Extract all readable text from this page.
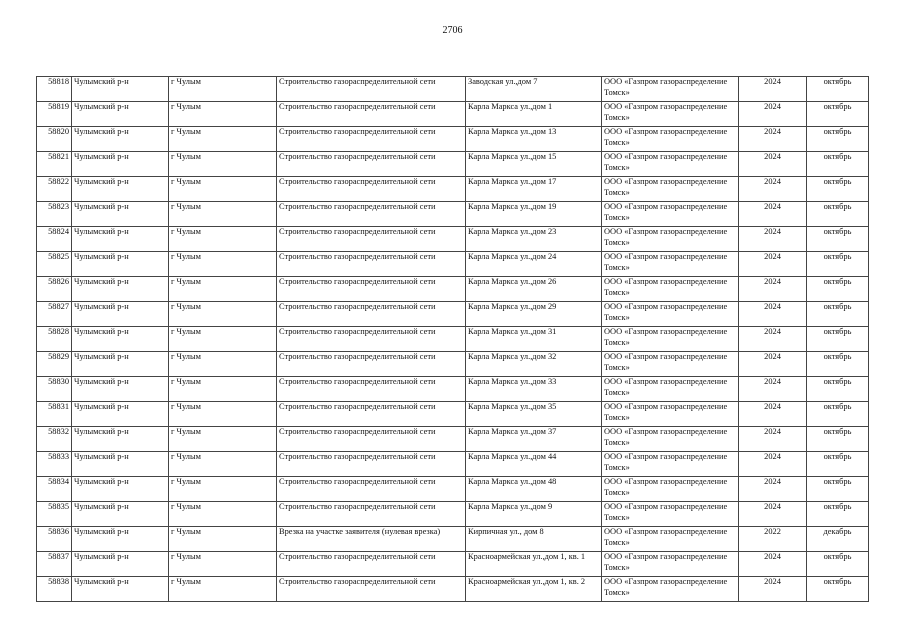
2706
58818	Чулымский р-н	г Чулым	Строительство газораспределительной сети	Заводская ул.,дом 7	ООО «Газпром газораспределение Томск»	2024	октябрь
58819	Чулымский р-н	г Чулым	Строительство газораспределительной сети	Карла Маркса ул.,дом 1	ООО «Газпром газораспределение Томск»	2024	октябрь
58820	Чулымский р-н	г Чулым	Строительство газораспределительной сети	Карла Маркса ул.,дом 13	ООО «Газпром газораспределение Томск»	2024	октябрь
58821	Чулымский р-н	г Чулым	Строительство газораспределительной сети	Карла Маркса ул.,дом 15	ООО «Газпром газораспределение Томск»	2024	октябрь
58822	Чулымский р-н	г Чулым	Строительство газораспределительной сети	Карла Маркса ул.,дом 17	ООО «Газпром газораспределение Томск»	2024	октябрь
58823	Чулымский р-н	г Чулым	Строительство газораспределительной сети	Карла Маркса ул.,дом 19	ООО «Газпром газораспределение Томск»	2024	октябрь
58824	Чулымский р-н	г Чулым	Строительство газораспределительной сети	Карла Маркса ул.,дом 23	ООО «Газпром газораспределение Томск»	2024	октябрь
58825	Чулымский р-н	г Чулым	Строительство газораспределительной сети	Карла Маркса ул.,дом 24	ООО «Газпром газораспределение Томск»	2024	октябрь
58826	Чулымский р-н	г Чулым	Строительство газораспределительной сети	Карла Маркса ул.,дом 26	ООО «Газпром газораспределение Томск»	2024	октябрь
58827	Чулымский р-н	г Чулым	Строительство газораспределительной сети	Карла Маркса ул.,дом 29	ООО «Газпром газораспределение Томск»	2024	октябрь
58828	Чулымский р-н	г Чулым	Строительство газораспределительной сети	Карла Маркса ул.,дом 31	ООО «Газпром газораспределение Томск»	2024	октябрь
58829	Чулымский р-н	г Чулым	Строительство газораспределительной сети	Карла Маркса ул.,дом 32	ООО «Газпром газораспределение Томск»	2024	октябрь
58830	Чулымский р-н	г Чулым	Строительство газораспределительной сети	Карла Маркса ул.,дом 33	ООО «Газпром газораспределение Томск»	2024	октябрь
58831	Чулымский р-н	г Чулым	Строительство газораспределительной сети	Карла Маркса ул.,дом 35	ООО «Газпром газораспределение Томск»	2024	октябрь
58832	Чулымский р-н	г Чулым	Строительство газораспределительной сети	Карла Маркса ул.,дом 37	ООО «Газпром газораспределение Томск»	2024	октябрь
58833	Чулымский р-н	г Чулым	Строительство газораспределительной сети	Карла Маркса ул.,дом 44	ООО «Газпром газораспределение Томск»	2024	октябрь
58834	Чулымский р-н	г Чулым	Строительство газораспределительной сети	Карла Маркса ул.,дом 48	ООО «Газпром газораспределение Томск»	2024	октябрь
58835	Чулымский р-н	г Чулым	Строительство газораспределительной сети	Карла Маркса ул.,дом 9	ООО «Газпром газораспределение Томск»	2024	октябрь
58836	Чулымский р-н	г Чулым	Врезка на участке заявителя (нулевая врезка)	Кирпичная ул., дом 8	ООО «Газпром газораспределение Томск»	2022	декабрь
58837	Чулымский р-н	г Чулым	Строительство газораспределительной сети	Красноармейская ул.,дом 1, кв. 1	ООО «Газпром газораспределение Томск»	2024	октябрь
58838	Чулымский р-н	г Чулым	Строительство газораспределительной сети	Красноармейская ул.,дом 1, кв. 2	ООО «Газпром газораспределение Томск»	2024	октябрь
